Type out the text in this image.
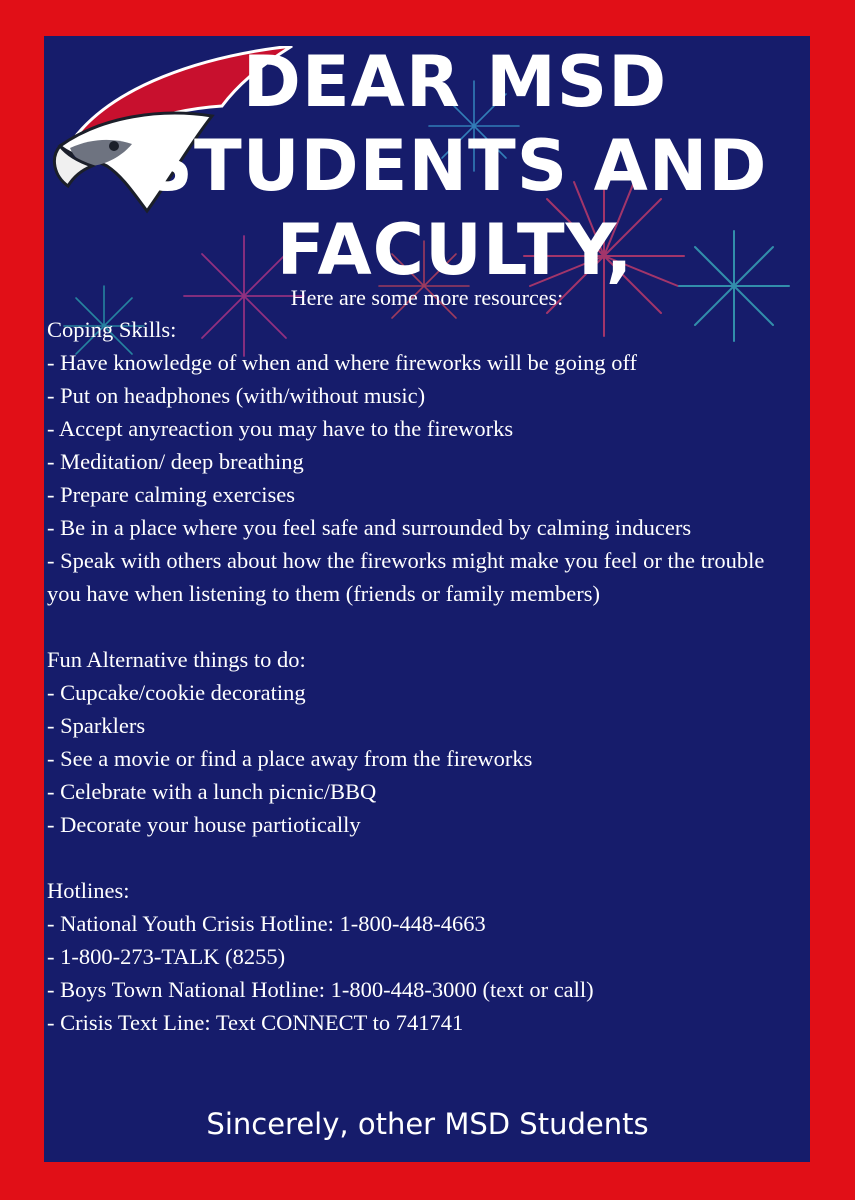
DEAR MSD
STUDENTS AND
FACULTY,
Here are some more resources:
Coping Skills:
- Have knowledge of when and where fireworks will be going off
- Put on headphones (with/without music)
- Accept anyreaction you may have to the fireworks
- Meditation/ deep breathing
- Prepare calming exercises
- Be in a place where you feel safe and surrounded by calming inducers
- Speak with others about how the fireworks might make you feel or the trouble you have when listening to them (friends or family members)
Fun Alternative things to do:
- Cupcake/cookie decorating
- Sparklers
- See a movie or find a place away from the fireworks
- Celebrate with a lunch picnic/BBQ
- Decorate your house partiotically
Hotlines:
- National Youth Crisis Hotline: 1-800-448-4663
- 1-800-273-TALK (8255)
- Boys Town National Hotline: 1-800-448-3000 (text or call)
- Crisis Text Line: Text CONNECT to 741741
Sincerely, other MSD Students
